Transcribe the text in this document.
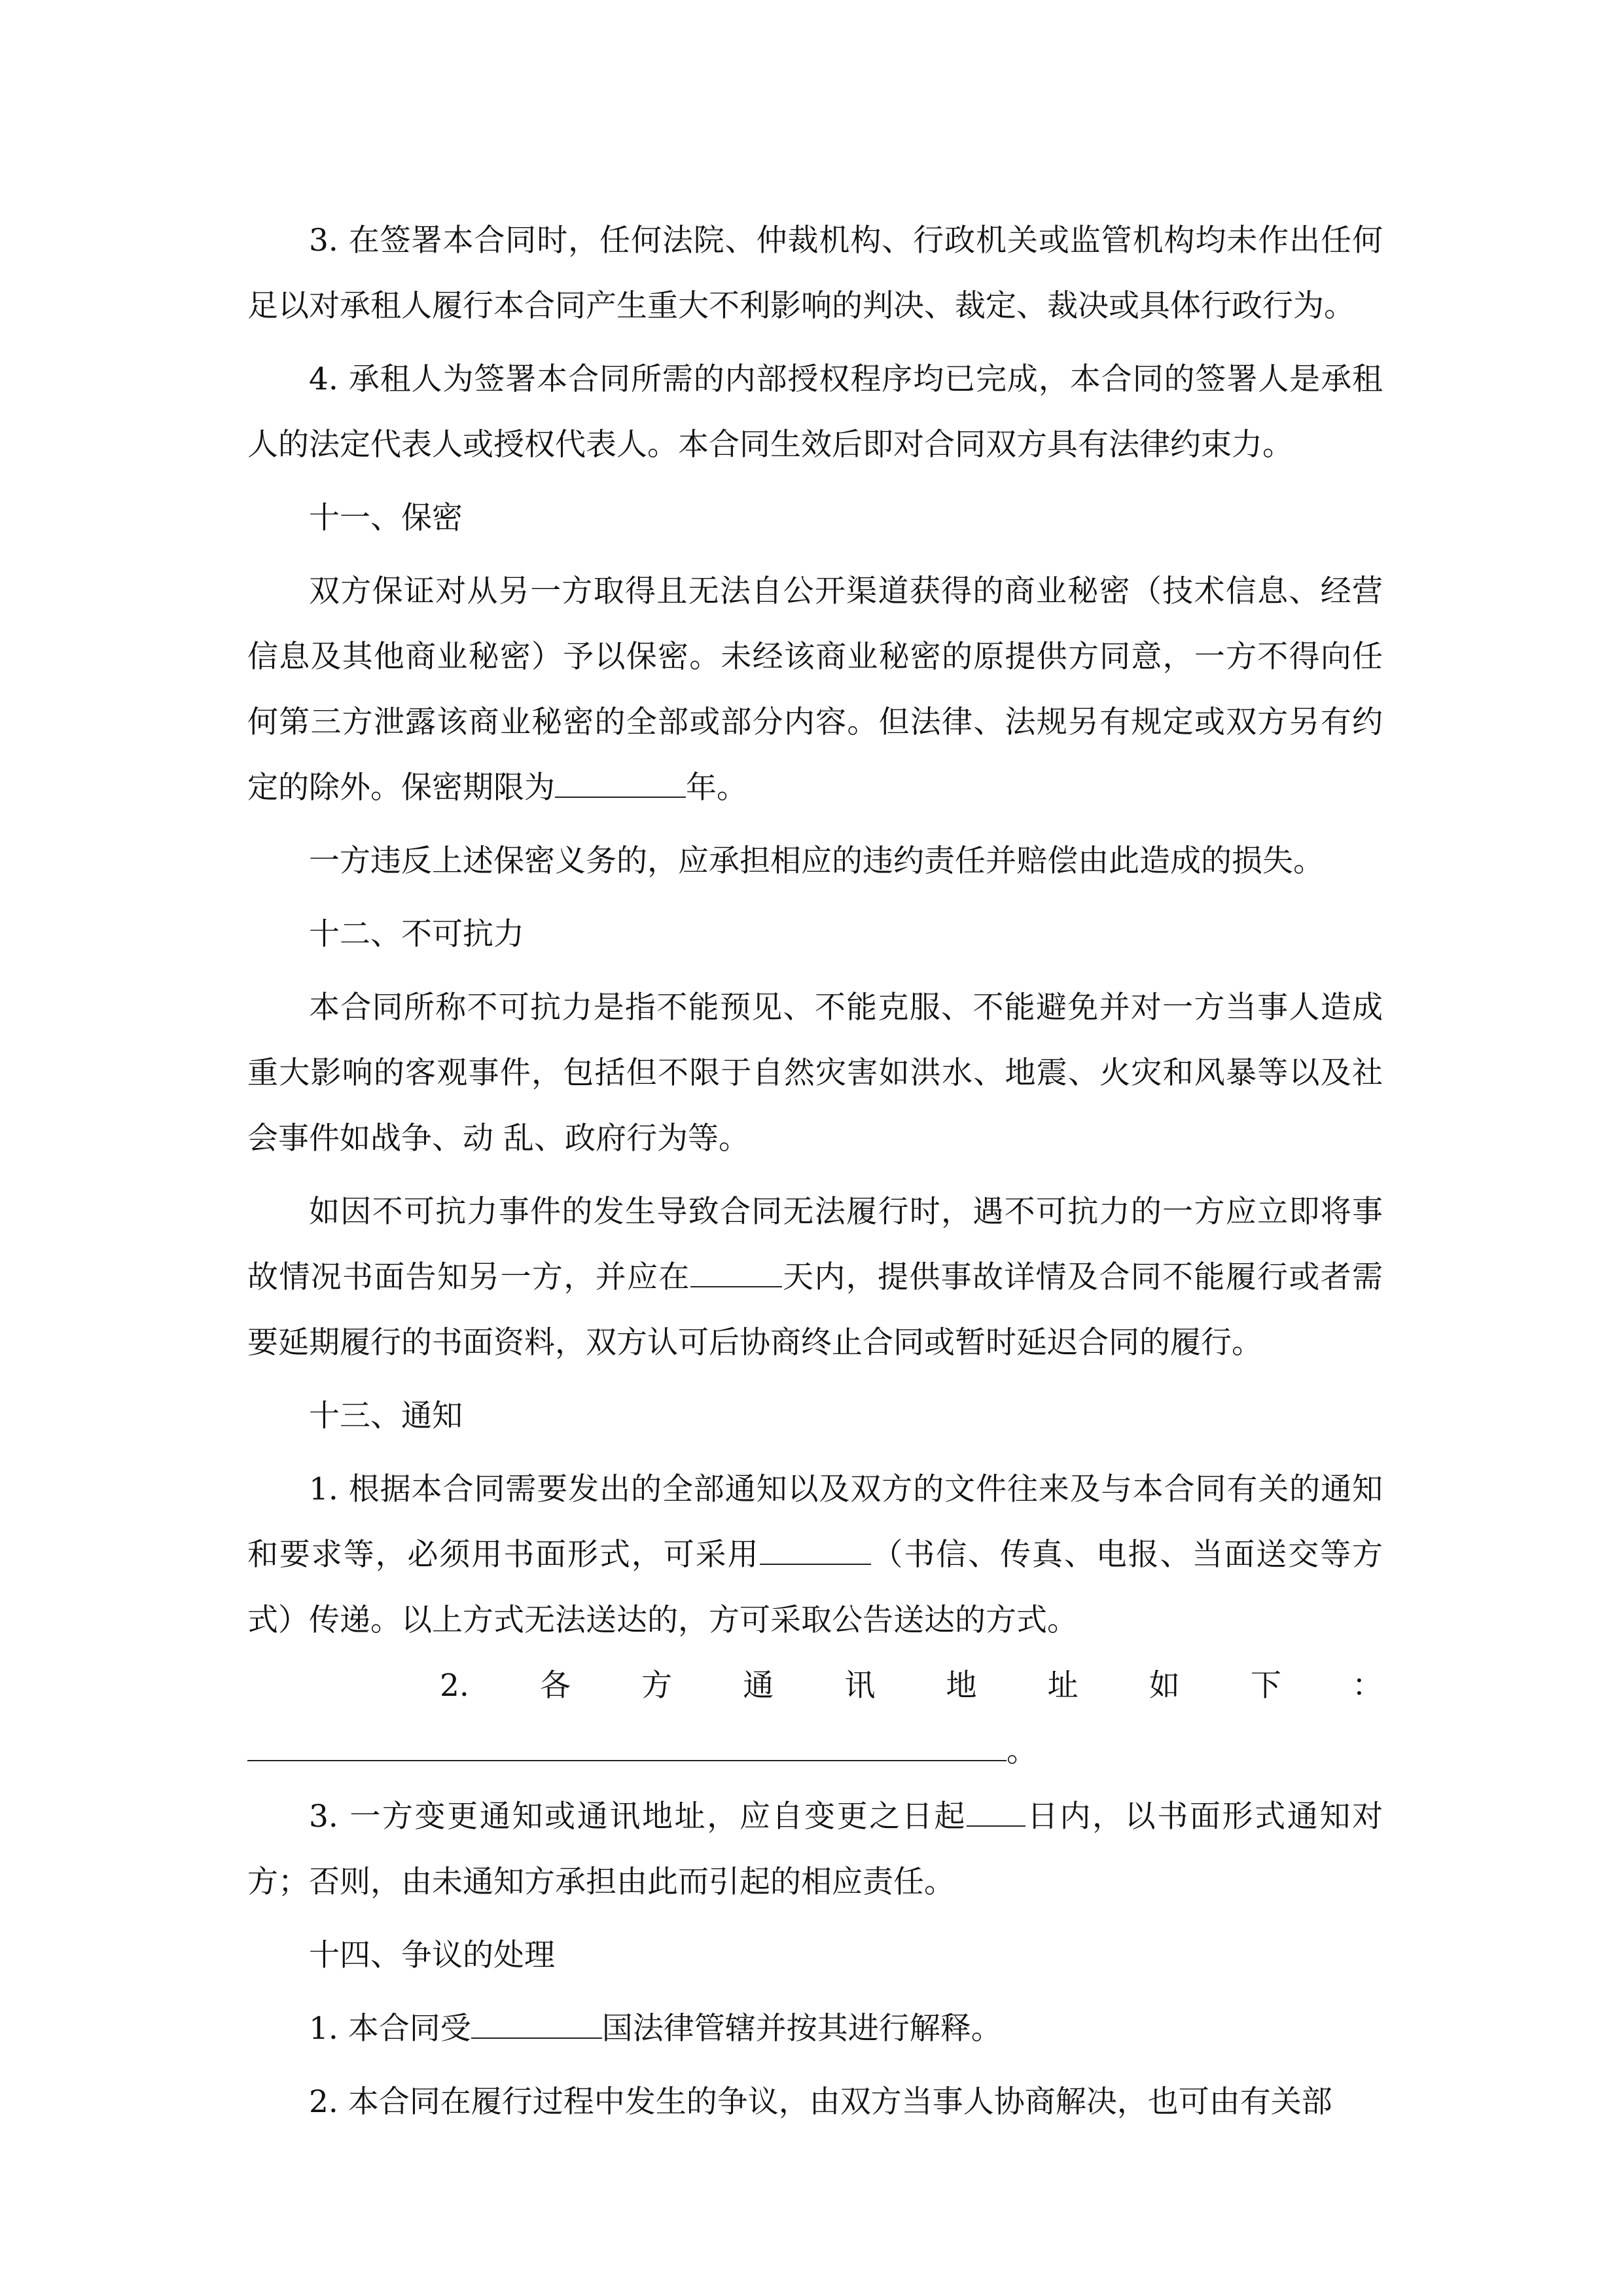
3. 在签署本合同时，任何法院、仲裁机构、行政机关或监管机构均未作出任何足以对承租人履行本合同产生重大不利影响的判决、裁定、裁决或具体行政行为。

4. 承租人为签署本合同所需的内部授权程序均已完成，本合同的签署人是承租人的法定代表人或授权代表人。本合同生效后即对合同双方具有法律约束力。

十一、保密

双方保证对从另一方取得且无法自公开渠道获得的商业秘密（技术信息、经营信息及其他商业秘密）予以保密。未经该商业秘密的原提供方同意，一方不得向任何第三方泄露该商业秘密的全部或部分内容。但法律、法规另有规定或双方另有约定的除外。保密期限为	年。

一方违反上述保密义务的，应承担相应的违约责任并赔偿由此造成的损失。

十二、不可抗力

本合同所称不可抗力是指不能预见、不能克服、不能避免并对一方当事人造成重大影响的客观事件，包括但不限于自然灾害如洪水、地震、火灾和风暴等以及社会事件如战争、动 乱、政府行为等。

如因不可抗力事件的发生导致合同无法履行时，遇不可抗力的一方应立即将事故情况书面告知另一方，并应在	天内，提供事故详情及合同不能履行或者需要延期履行的书面资料，双方认可后协商终止合同或暂时延迟合同的履行。

十三、通知

1. 根据本合同需要发出的全部通知以及双方的文件往来及与本合同有关的通知和要求等，必须用书面形式，可采用	（书信、传真、电报、当面送交等方式）传递。以上方式无法送达的，方可采取公告送达的方式。

2. 各 方 通 讯 地 址 如 下 ：

。

3. 一方变更通知或通讯地址，应自变更之日起 日内，以书面形式通知对方；否则，由未通知方承担由此而引起的相应责任。

十四、争议的处理

1. 本合同受	国法律管辖并按其进行解释。

2. 本合同在履行过程中发生的争议，由双方当事人协商解决，也可由有关部
